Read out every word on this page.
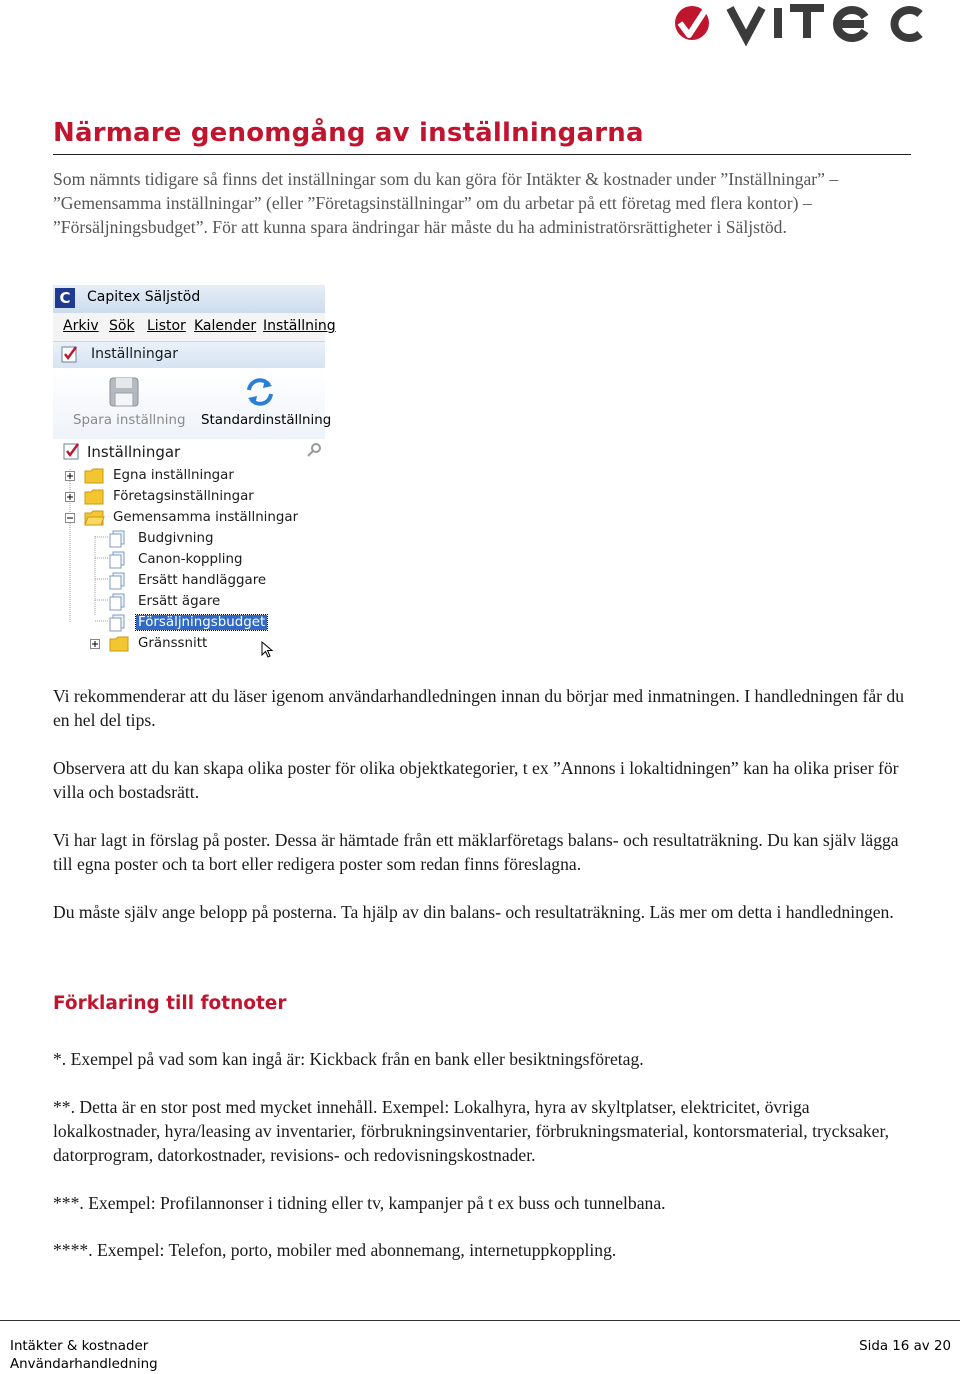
VITEC
Närmare genomgång av inställningarna

Som nämnts tidigare så finns det inställningar som du kan göra för Intäkter & kostnader under ”Inställningar” – ”Gemensamma inställningar” (eller ”Företagsinställningar” om du arbetar på ett företag med flera kontor) – ”Försäljningsbudget”. För att kunna spara ändringar här måste du ha administratörsrättigheter i Säljstöd.

C	Capitex Säljstöd
Arkiv Sök Listor Kalender Inställning
Inställningar
Spara inställning Standardinställning
Inställningar
Egna inställningar
Företagsinställningar
Gemensamma inställningar
Budgivning
Canon-koppling
Ersätt handläggare
Ersätt ägare
Försäljningsbudget
Gränssnitt

Vi rekommenderar att du läser igenom användarhandledningen innan du börjar med inmatningen. I handledningen får du en hel del tips.

Observera att du kan skapa olika poster för olika objektkategorier, t ex ”Annons i lokaltidningen” kan ha olika priser för villa och bostadsrätt.

Vi har lagt in förslag på poster. Dessa är hämtade från ett mäklarföretags balans- och resultaträkning. Du kan själv lägga till egna poster och ta bort eller redigera poster som redan finns föreslagna.

Du måste själv ange belopp på posterna. Ta hjälp av din balans- och resultaträkning. Läs mer om detta i handledningen.

Förklaring till fotnoter

*. Exempel på vad som kan ingå är: Kickback från en bank eller besiktningsföretag.

**. Detta är en stor post med mycket innehåll. Exempel: Lokalhyra, hyra av skyltplatser, elektricitet, övriga lokalkostnader, hyra/leasing av inventarier, förbrukningsinventarier, förbrukningsmaterial, kontorsmaterial, trycksaker, datorprogram, datorkostnader, revisions- och redovisningskostnader.

***. Exempel: Profilannonser i tidning eller tv, kampanjer på t ex buss och tunnelbana.

****. Exempel: Telefon, porto, mobiler med abonnemang, internetuppkoppling.

Intäkter & kostnader
Användarhandledning
Sida 16 av 20
